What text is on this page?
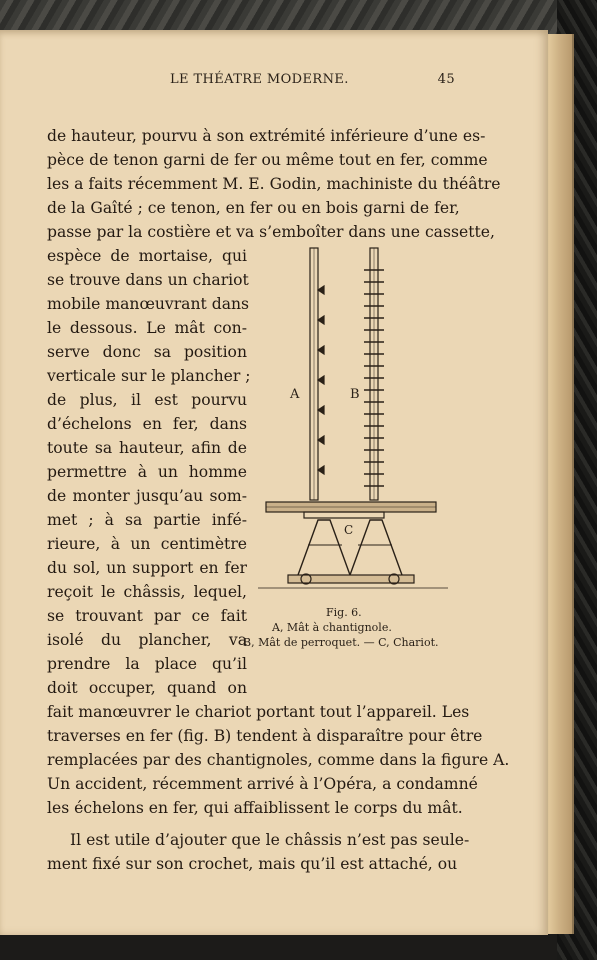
LE THÉATRE MODERNE.	45
de hauteur, pourvu à son extrémité inférieure d’une es-
pèce de tenon garni de fer ou même tout en fer, comme
les a faits récemment M. E. Godin, machiniste du théâtre
de la Gaîté ; ce tenon, en fer ou en bois garni de fer,
passe par la costière et va s’emboîter dans une cassette,
espèce de mortaise, qui
se trouve dans un chariot
mobile manœuvrant dans
le dessous. Le mât con-
serve donc sa position
verticale sur le plancher ;
de plus, il est pourvu
d’échelons en fer, dans
toute sa hauteur, afin de
permettre à un homme
de monter jusqu’au som-
met ; à sa partie infé-
rieure, à un centimètre
du sol, un support en fer
reçoit le châssis, lequel,
se trouvant par ce fait
isolé du plancher, va
prendre la place qu’il
doit occuper, quand on
fait manœuvrer le chariot portant tout l’appareil. Les
traverses en fer (fig. B) tendent à disparaître pour être
remplacées par des chantignoles, comme dans la figure A.
Un accident, récemment arrivé à l’Opéra, a condamné
les échelons en fer, qui affaiblissent le corps du mât.
Il est utile d’ajouter que le châssis n’est pas seule-
ment fixé sur son crochet, mais qu’il est attaché, ou
A	B
C
Fig. 6.
A, Mât à chantignole.
B, Mât de perroquet. — C, Chariot.
